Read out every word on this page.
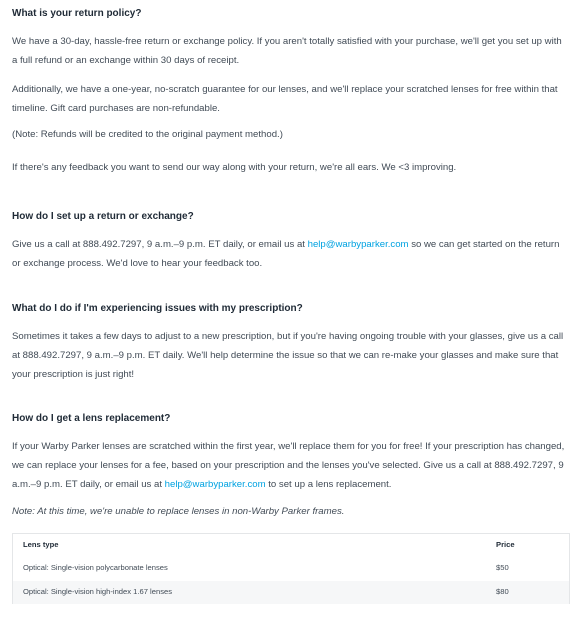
What is your return policy?

We have a 30-day, hassle-free return or exchange policy. If you aren't totally satisfied with your purchase, we'll get you set up with a full refund or an exchange within 30 days of receipt.

Additionally, we have a one-year, no-scratch guarantee for our lenses, and we'll replace your scratched lenses for free within that timeline. Gift card purchases are non-refundable.

(Note: Refunds will be credited to the original payment method.)

If there's any feedback you want to send our way along with your return, we're all ears. We <3 improving.

How do I set up a return or exchange?

Give us a call at 888.492.7297, 9 a.m.–9 p.m. ET daily, or email us at help@warbyparker.com so we can get started on the return or exchange process. We'd love to hear your feedback too.

What do I do if I'm experiencing issues with my prescription?

Sometimes it takes a few days to adjust to a new prescription, but if you're having ongoing trouble with your glasses, give us a call at 888.492.7297, 9 a.m.–9 p.m. ET daily. We'll help determine the issue so that we can re-make your glasses and make sure that your prescription is just right!

How do I get a lens replacement?

If your Warby Parker lenses are scratched within the first year, we'll replace them for you for free! If your prescription has changed, we can replace your lenses for a fee, based on your prescription and the lenses you've selected. Give us a call at 888.492.7297, 9 a.m.–9 p.m. ET daily, or email us at help@warbyparker.com to set up a lens replacement.

Note: At this time, we're unable to replace lenses in non-Warby Parker frames.

Lens type	Price
Optical: Single-vision polycarbonate lenses	$50
Optical: Single-vision high-index 1.67 lenses	$80
